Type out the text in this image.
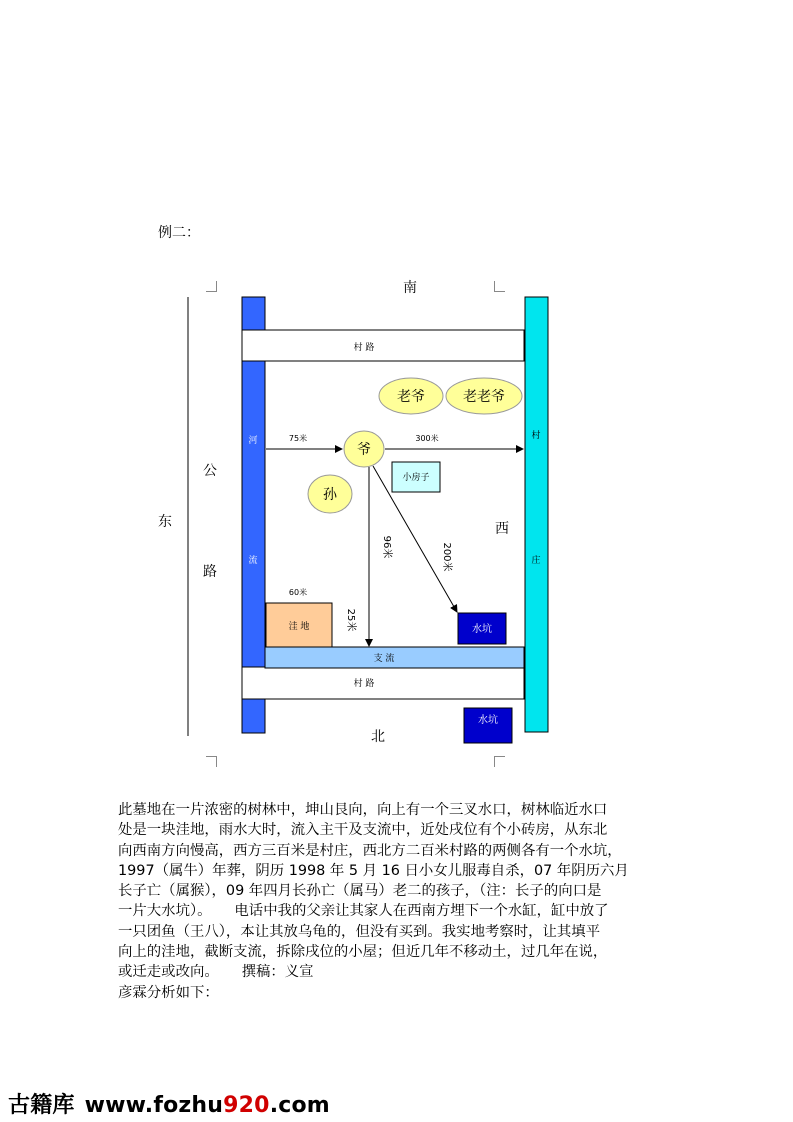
例二：
南
北
东	西
公
路
河
流
村
庄
村 路
村 路
支 流
老爷	老老爷
爷
孙
小房子
洼 地	水坑
水坑
75米	300米
60米
96米	200米
25米

此墓地在一片浓密的树林中，坤山艮向，向上有一个三叉水口，树林临近水口

处是一块洼地，雨水大时，流入主干及支流中，近处戌位有个小砖房，从东北

向西南方向慢高，西方三百米是村庄，西北方二百米村路的两侧各有一个水坑，

1997（属牛）年葬，阴历 1998 年 5 月 16 日小女儿服毒自杀，07 年阴历六月

长子亡（属猴），09 年四月长孙亡（属马）老二的孩子，（注：长子的向口是

一片大水坑）。     电话中我的父亲让其家人在西南方埋下一个水缸，缸中放了

一只团鱼（王八），本让其放乌龟的，但没有买到。我实地考察时，让其填平

向上的洼地，截断支流，拆除戌位的小屋；但近几年不移动土，过几年在说，

或迁走或改向。     撰稿：义宣

彦霖分析如下：

古籍库 www.fozhu920.com
